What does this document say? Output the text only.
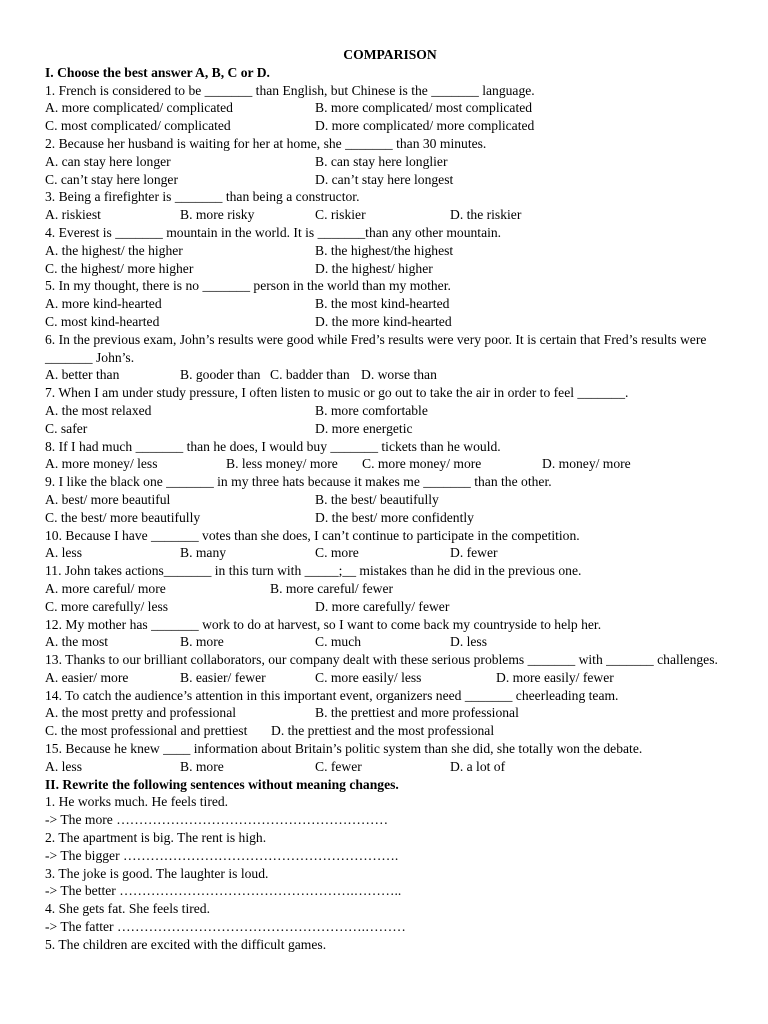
COMPARISON
I. Choose the best answer A, B, C or D.
1. French is considered to be _______ than English, but Chinese is the _______ language.
A. more complicated/ complicated	B. more complicated/ most complicated
C. most complicated/ complicated	D. more complicated/ more complicated
2. Because her husband is waiting for her at home, she _______ than 30 minutes.
A. can stay here longer	B. can stay here longlier
C. can’t stay here longer	D. can’t stay here longest
3. Being a firefighter is _______ than being a constructor.
A. riskiest	B. more risky	C. riskier	D. the riskier
4. Everest is _______ mountain in the world. It is _______than any other mountain.
A. the highest/ the higher	B. the highest/the highest
C. the highest/ more higher	D. the highest/ higher
5. In my thought, there is no _______ person in the world than my mother.
A. more kind-hearted	B. the most kind-hearted
C. most kind-hearted	D. the more kind-hearted
6. In the previous exam, John’s results were good while Fred’s results were very poor. It is certain that Fred’s results were _______ John’s.
A. better than	B. gooder than C. badder than D. worse than
7. When I am under study pressure, I often listen to music or go out to take the air in order to feel _______.
A. the most relaxed	B. more comfortable
C. safer	D. more energetic
8. If I had much _______ than he does, I would buy _______ tickets than he would.
A. more money/ less	B. less money/ more C. more money/ more	D. money/ more
9. I like the black one _______ in my three hats because it makes me _______ than the other.
A. best/ more beautiful	B. the best/ beautifully
C. the best/ more beautifully	D. the best/ more confidently
10. Because I have _______ votes than she does, I can’t continue to participate in the competition.
A. less	B. many	C. more	D. fewer
11. John takes actions_______ in this turn with _____;__ mistakes than he did in the previous one.
A. more careful/ more	B. more careful/ fewer
C. more carefully/ less	D. more carefully/ fewer
12. My mother has _______ work to do at harvest, so I want to come back my countryside to help her.
A. the most	B. more	C. much	D. less
13. Thanks to our brilliant collaborators, our company dealt with these serious problems _______ with _______ challenges.
A. easier/ more	B. easier/ fewer	C. more easily/ less	D. more easily/ fewer
14. To catch the audience’s attention in this important event, organizers need _______ cheerleading team.
A. the most pretty and professional	B. the prettiest and more professional
C. the most professional and prettiest D. the prettiest and the most professional
15. Because he knew ____ information about Britain’s politic system than she did, she totally won the debate.
A. less	B. more	C. fewer	D. a lot of
II. Rewrite the following sentences without meaning changes.
1. He works much. He feels tired.
-> The more ……………………………………………………
2. The apartment is big. The rent is high.
-> The bigger …………………………………………………….
3. The joke is good. The laughter is loud.
-> The better …………………………………………….………..
4. She gets fat. She feels tired.
-> The fatter ……………………………………………….………
5. The children are excited with the difficult games.
